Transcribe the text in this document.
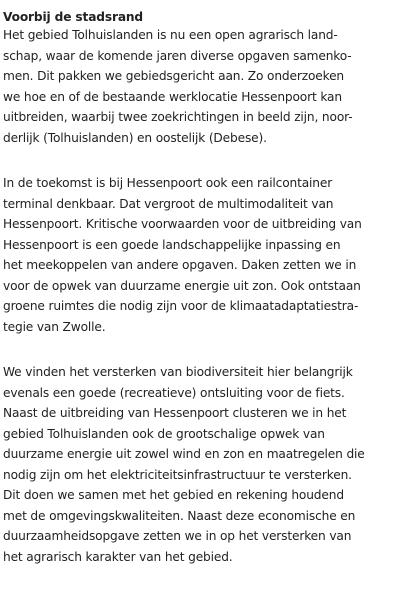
Voorbij de stadsrand
Het gebied Tolhuislanden is nu een open agrarisch land-
schap, waar de komende jaren diverse opgaven samenko-
men. Dit pakken we gebiedsgericht aan. Zo onderzoeken
we hoe en of de bestaande werklocatie Hessenpoort kan
uitbreiden, waarbij twee zoekrichtingen in beeld zijn, noor-
derlijk (Tolhuislanden) en oostelijk (Debese).
In de toekomst is bij Hessenpoort ook een railcontainer
terminal denkbaar. Dat vergroot de multimodaliteit van
Hessenpoort. Kritische voorwaarden voor de uitbreiding van
Hessenpoort is een goede landschappelijke inpassing en
het meekoppelen van andere opgaven. Daken zetten we in
voor de opwek van duurzame energie uit zon. Ook ontstaan
groene ruimtes die nodig zijn voor de klimaatadaptatiestra-
tegie van Zwolle.
We vinden het versterken van biodiversiteit hier belangrijk
evenals een goede (recreatieve) ontsluiting voor de fiets.
Naast de uitbreiding van Hessenpoort clusteren we in het
gebied Tolhuislanden ook de grootschalige opwek van
duurzame energie uit zowel wind en zon en maatregelen die
nodig zijn om het elektriciteitsinfrastructuur te versterken.
Dit doen we samen met het gebied en rekening houdend
met de omgevingskwaliteiten. Naast deze economische en
duurzaamheidsopgave zetten we in op het versterken van
het agrarisch karakter van het gebied.
